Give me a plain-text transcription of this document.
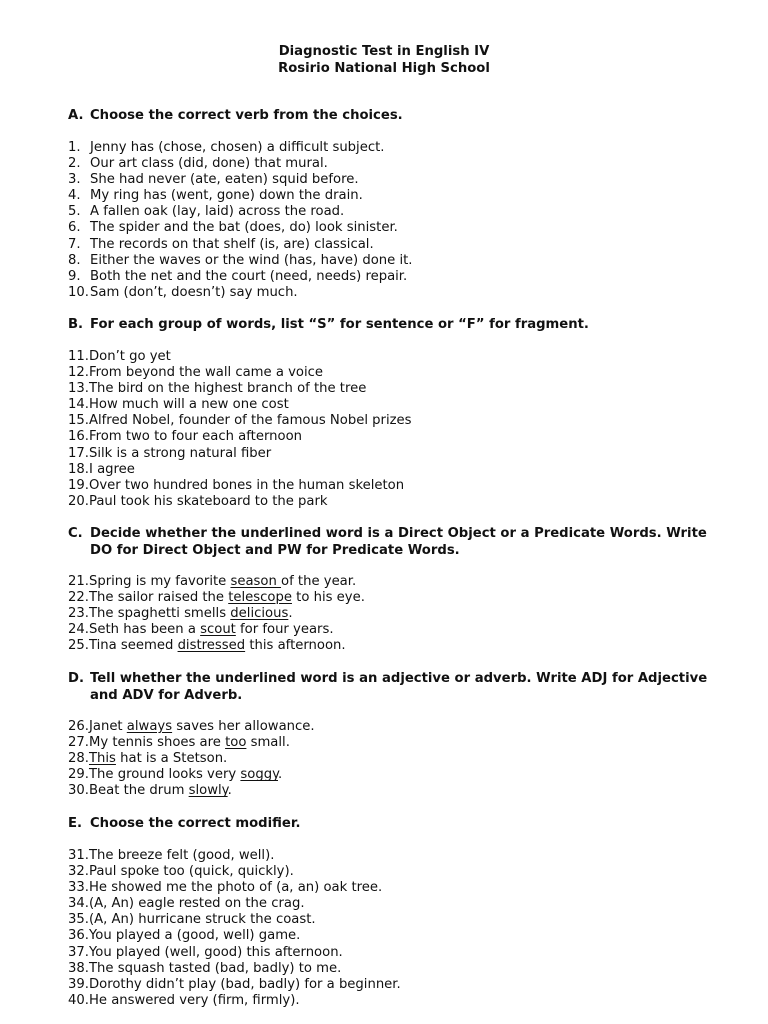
Diagnostic Test in English IV
Rosirio National High School
A. Choose the correct verb from the choices.
1. Jenny has (chose, chosen) a difficult subject.
2. Our art class (did, done) that mural.
3. She had never (ate, eaten) squid before.
4. My ring has (went, gone) down the drain.
5. A fallen oak (lay, laid) across the road.
6. The spider and the bat (does, do) look sinister.
7. The records on that shelf (is, are) classical.
8. Either the waves or the wind (has, have) done it.
9. Both the net and the court (need, needs) repair.
10.Sam (don’t, doesn’t) say much.
B. For each group of words, list “S” for sentence or “F” for fragment.
11.Don’t go yet
12.From beyond the wall came a voice
13.The bird on the highest branch of the tree
14.How much will a new one cost
15.Alfred Nobel, founder of the famous Nobel prizes
16.From two to four each afternoon
17.Silk is a strong natural fiber
18.I agree
19.Over two hundred bones in the human skeleton
20.Paul took his skateboard to the park
C. Decide whether the underlined word is a Direct Object or a Predicate Words. Write DO for Direct Object and PW for Predicate Words.
21.Spring is my favorite season of the year.
22.The sailor raised the telescope to his eye.
23.The spaghetti smells delicious.
24.Seth has been a scout for four years.
25.Tina seemed distressed this afternoon.
D. Tell whether the underlined word is an adjective or adverb. Write ADJ for Adjective and ADV for Adverb.
26.Janet always saves her allowance.
27.My tennis shoes are too small.
28.This hat is a Stetson.
29.The ground looks very soggy.
30.Beat the drum slowly.
E. Choose the correct modifier.
31.The breeze felt (good, well).
32.Paul spoke too (quick, quickly).
33.He showed me the photo of (a, an) oak tree.
34.(A, An) eagle rested on the crag.
35.(A, An) hurricane struck the coast.
36.You played a (good, well) game.
37.You played (well, good) this afternoon.
38.The squash tasted (bad, badly) to me.
39.Dorothy didn’t play (bad, badly) for a beginner.
40.He answered very (firm, firmly).
